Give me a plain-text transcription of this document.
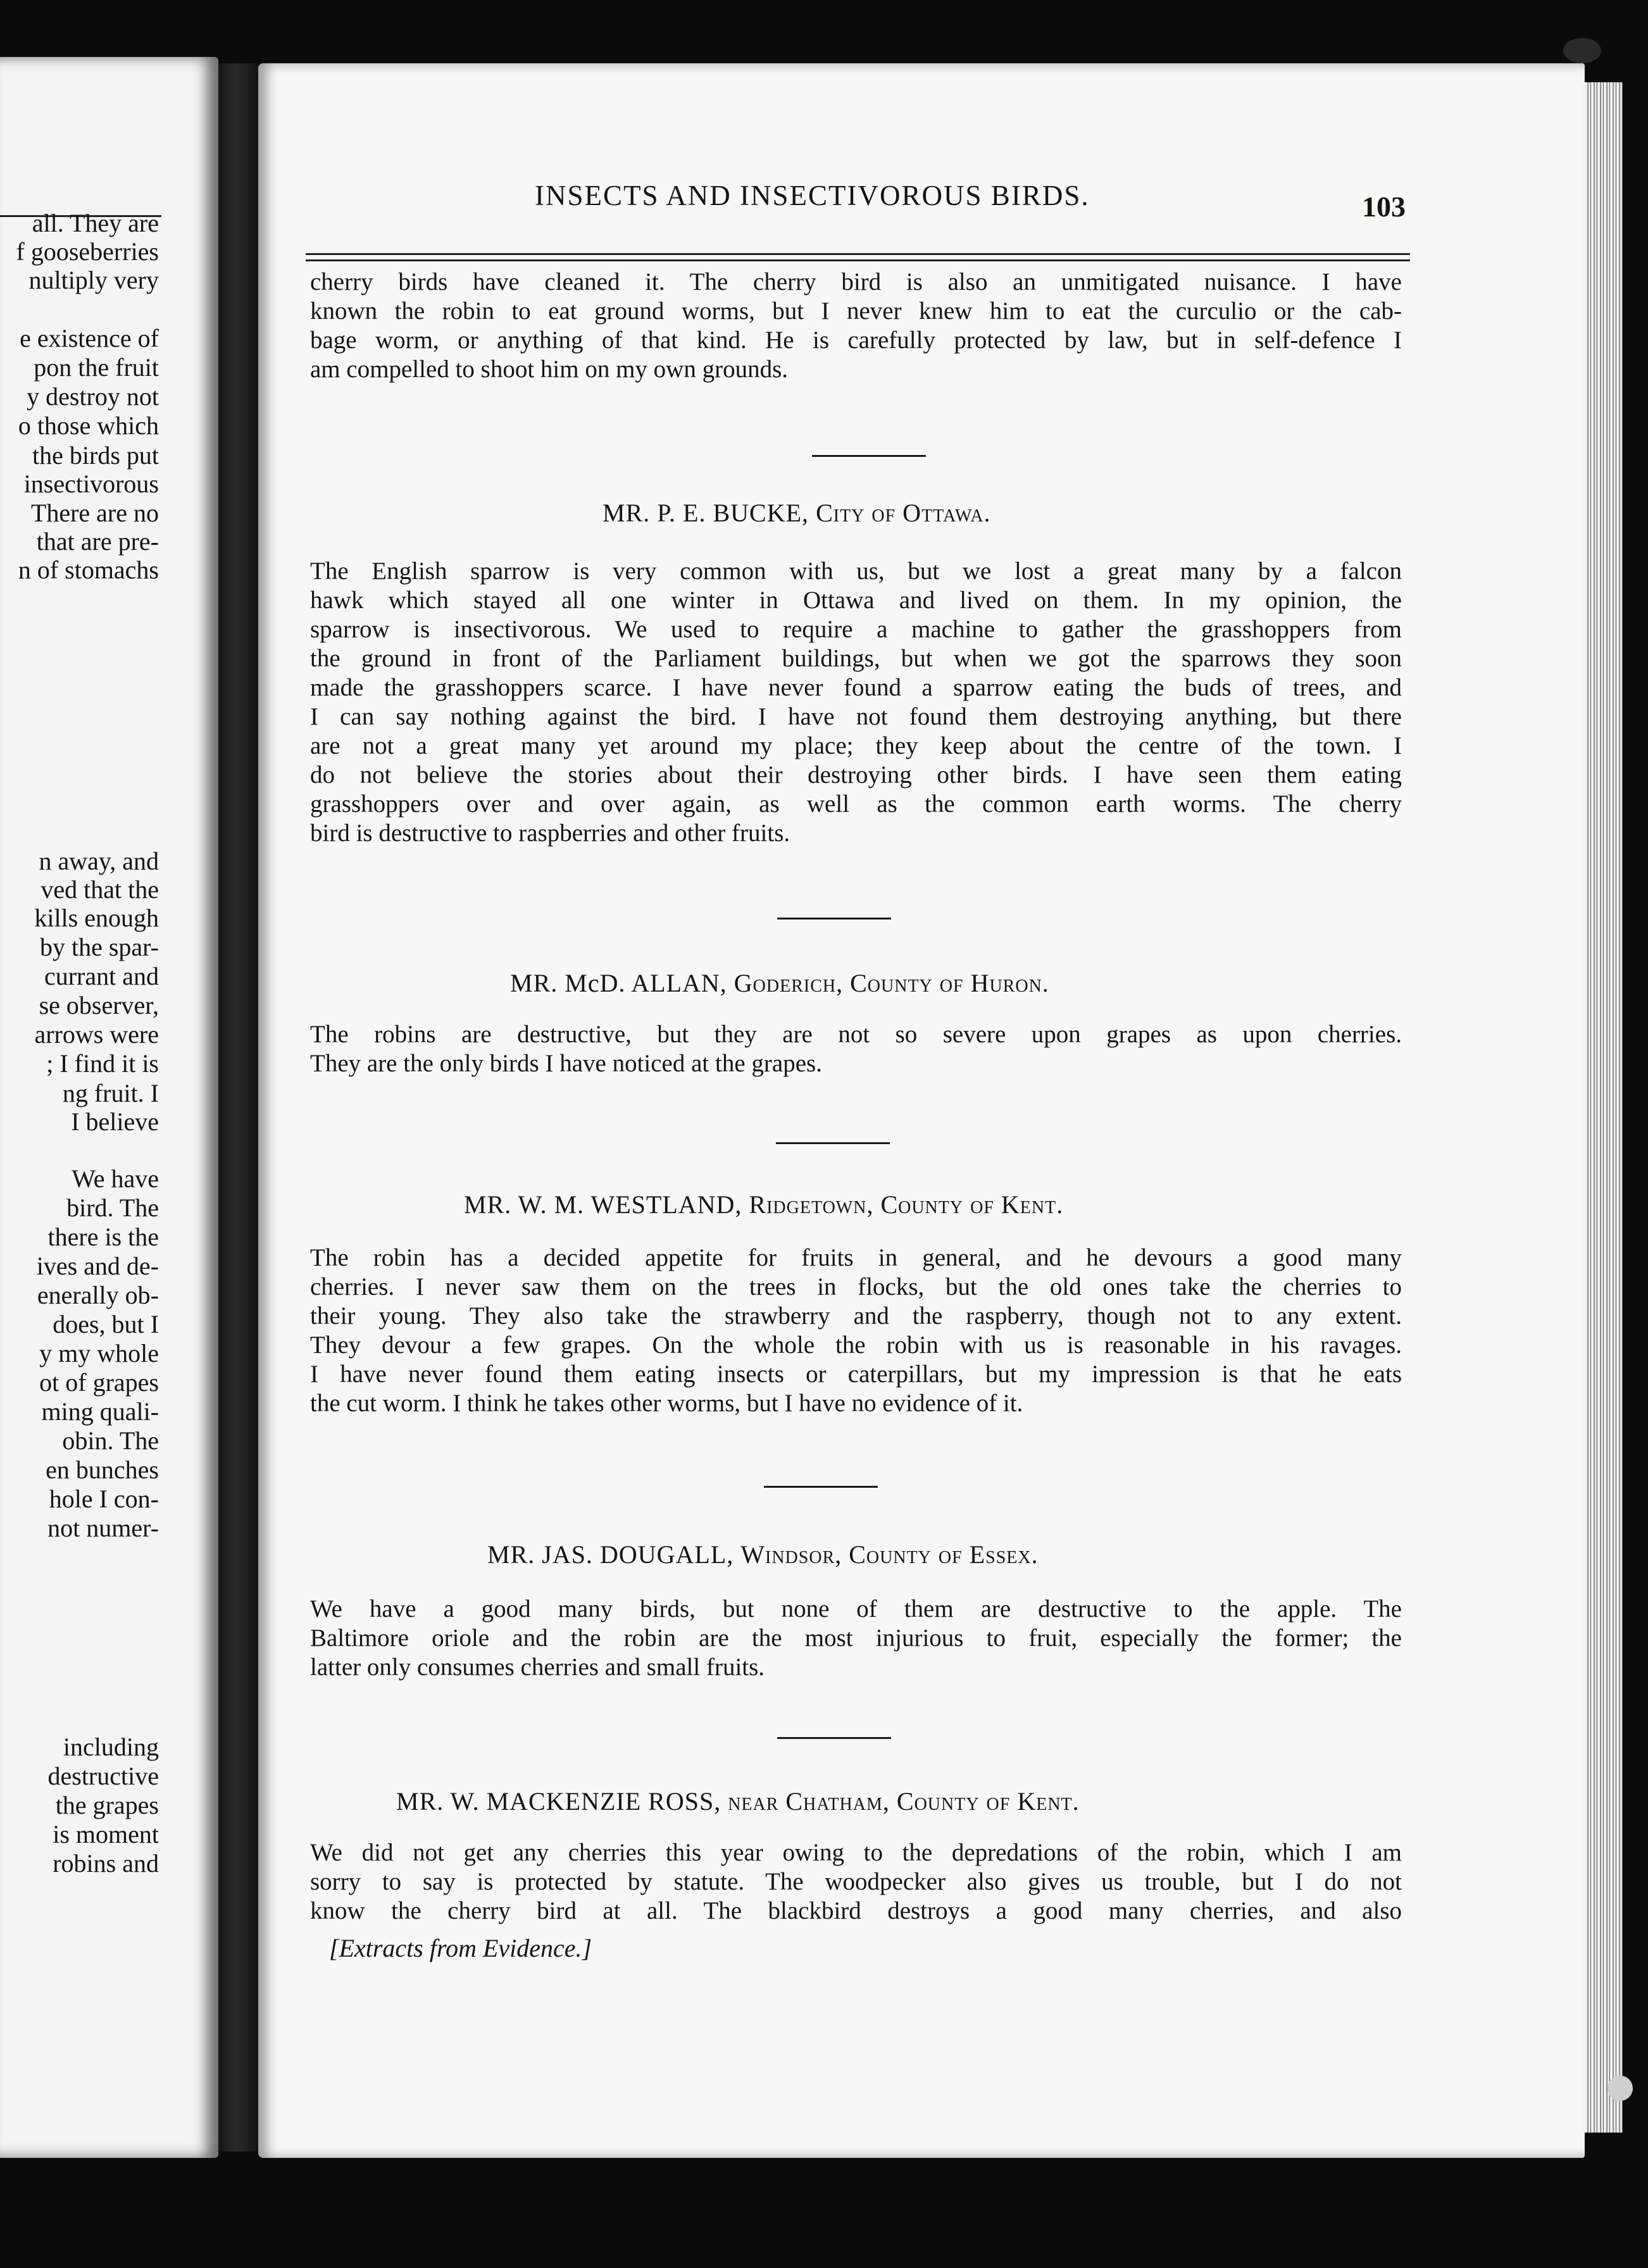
all. They are
f gooseberries
nultiply very
e existence of
pon the fruit
y destroy not
o those which
the birds put
insectivorous
There are no
that are pre-
n of stomachs
n away, and
ved that the
kills enough
by the spar-
currant and
se observer,
arrows were
; I find it is
ng fruit. I
I believe
We have
bird. The
there is the
ives and de-
enerally ob-
does, but I
y my whole
ot of grapes
ming quali-
obin. The
en bunches
hole I con-
not numer-
including
destructive
the grapes
is moment
robins and
INSECTS AND INSECTIVOROUS BIRDS.	103
cherry birds have cleaned it. The cherry bird is also an unmitigated nuisance. I have
known the robin to eat ground worms, but I never knew him to eat the curculio or the cab-
bage worm, or anything of that kind. He is carefully protected by law, but in self-defence I
am compelled to shoot him on my own grounds.
MR. P. E. BUCKE, City of Ottawa.
The English sparrow is very common with us, but we lost a great many by a falcon
hawk which stayed all one winter in Ottawa and lived on them. In my opinion, the
sparrow is insectivorous. We used to require a machine to gather the grasshoppers from
the ground in front of the Parliament buildings, but when we got the sparrows they soon
made the grasshoppers scarce. I have never found a sparrow eating the buds of trees, and
I can say nothing against the bird. I have not found them destroying anything, but there
are not a great many yet around my place; they keep about the centre of the town. I
do not believe the stories about their destroying other birds. I have seen them eating
grasshoppers over and over again, as well as the common earth worms. The cherry
bird is destructive to raspberries and other fruits.
MR. McD. ALLAN, Goderich, County of Huron.
The robins are destructive, but they are not so severe upon grapes as upon cherries.
They are the only birds I have noticed at the grapes.
MR. W. M. WESTLAND, Ridgetown, County of Kent.
The robin has a decided appetite for fruits in general, and he devours a good many
cherries. I never saw them on the trees in flocks, but the old ones take the cherries to
their young. They also take the strawberry and the raspberry, though not to any extent.
They devour a few grapes. On the whole the robin with us is reasonable in his ravages.
I have never found them eating insects or caterpillars, but my impression is that he eats
the cut worm. I think he takes other worms, but I have no evidence of it.
MR. JAS. DOUGALL, Windsor, County of Essex.
We have a good many birds, but none of them are destructive to the apple. The
Baltimore oriole and the robin are the most injurious to fruit, especially the former; the
latter only consumes cherries and small fruits.
MR. W. MACKENZIE ROSS, near Chatham, County of Kent.
We did not get any cherries this year owing to the depredations of the robin, which I am
sorry to say is protected by statute. The woodpecker also gives us trouble, but I do not
know the cherry bird at all. The blackbird destroys a good many cherries, and also
[Extracts from Evidence.]
